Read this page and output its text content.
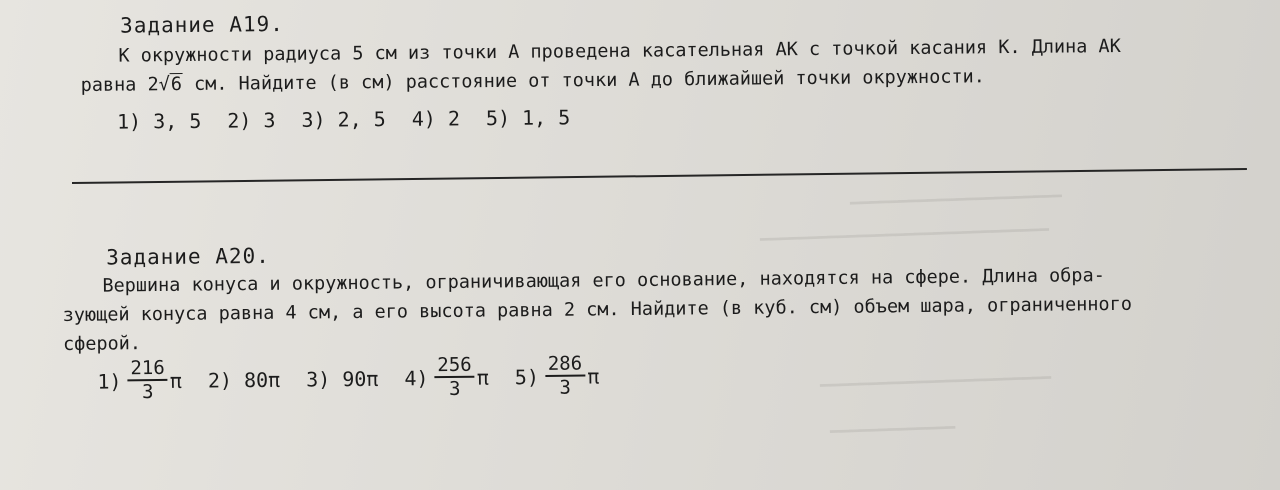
━━━━━━━━━━━━━━━━━━━━━━
━━━━━━━━━━━━━━━━━━━━━━━━━━━━━━
━━━━━━━━━━━━━━━━━━━━━━━━
━━━━━━━━━━━━━
Задание А19.
К окружности радиуса 5 см из точки А проведена касательная АК с точкой касания К. Длина АК
равна 2√6 см. Найдите (в см) расстояние от точки А до ближайшей точки окружности.
1) 3, 5 2) 3 3) 2, 5 4) 2 5) 1, 5
Задание А20.
Вершина конуса и окружность, ограничивающая его основание, находятся на сфере. Длина обра-
зующей конуса равна 4 см, а его высота равна 2 см. Найдите (в куб. см) объем шара, ограниченного
сферой.
$1) \frac{216}{3}$ π 2) 80π 3) 90π $4) \frac{256}{3}$ π $5) \frac{286}{3}$ π
